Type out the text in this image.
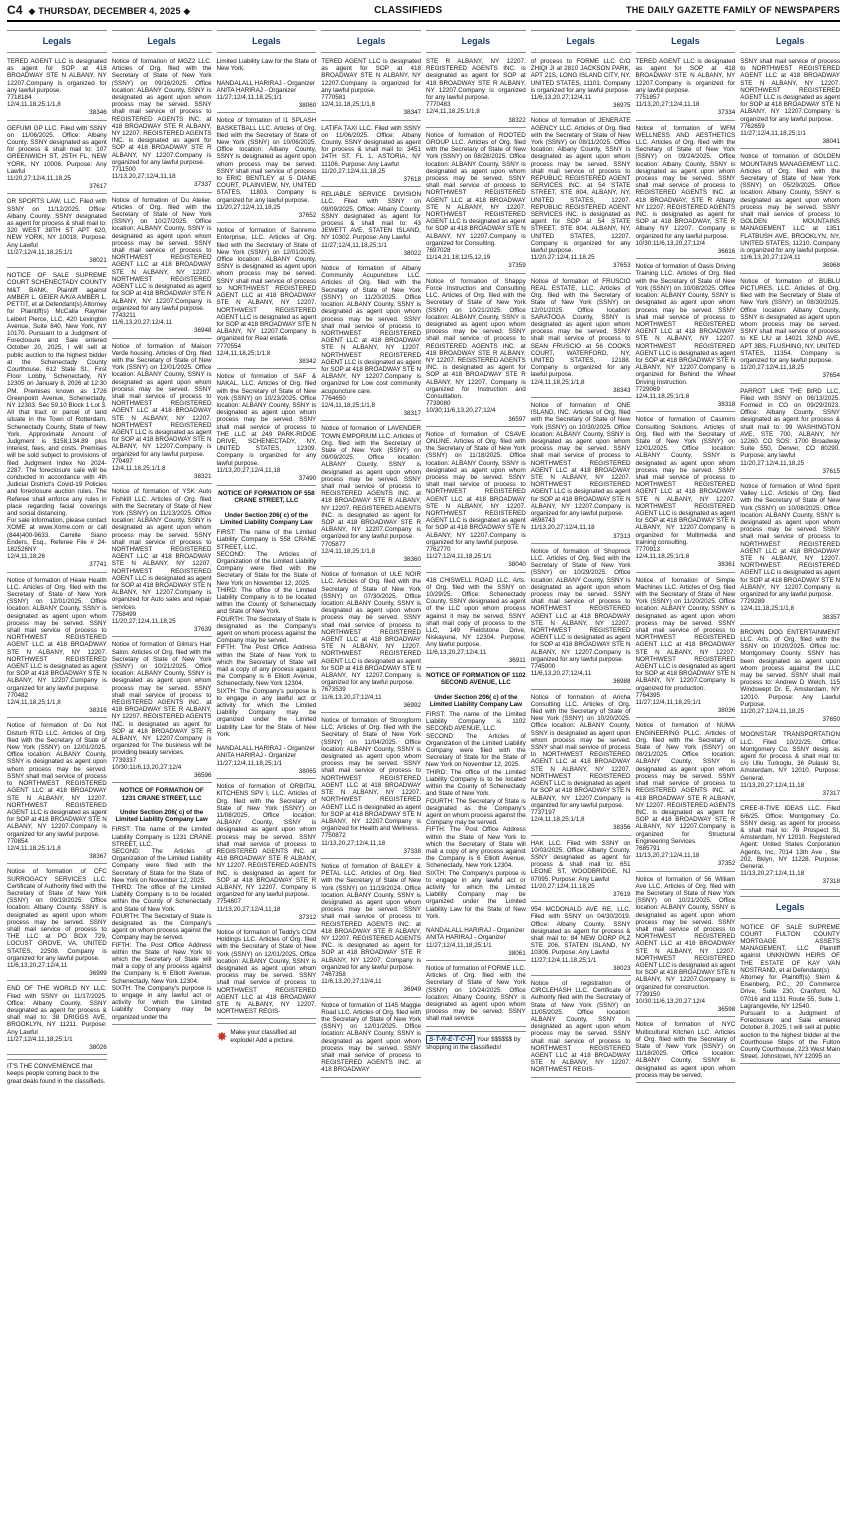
C4 ◆ THURSDAY, DECEMBER 4, 2025 ◆	CLASSIFIEDS	THE DAILY GAZETTE FAMILY OF NEWSPAPERS
Legals
TERED AGENT LLC is designated as agent for SOP at 418 BROADWAY STE N ALBANY, NY 12207.Company is organized for any lawful purpose.
7718184
12/4,11,18,25;1/1,8
38346
GEFUMI GP LLC. Filed with SSNY on 11/06/2025. Office: Albany County. SSNY designated as agent for process & shall mail to: 107 GREENWICH ST, 25TH FL, NEW YORK, NY 10006. Purpose: Any Lawful
11/20,27;12/4,11,18,25
37617
DR SPORTS LAW, LLC. Filed with SSNY on 11/12/2025. Office: Albany County. SSNY designated as agent for process & shall mail to: 320 WEST 38TH ST APT 620, NEW YORK, NY 10018. Purpose: Any Lawful
11/27;12/4,11,18,25;1/1
38021
NOTICE OF SALE SUPREME COURT SCHENECTADY COUNTY M&T BANK, Plaintiff against AMBER L. GEIER A/K/A AMBER L. PETTIT, et al Defendant(s) Attorney for Plaintiff(s) McCalla Raymer Leibert Pierce, LLC, 420 Lexington Avenue, Suite 840, New York, NY 10170. Pursuant to a Judgment of Foreclosure and Sale entered October 20, 2025, I will sell at public auction to the highest bidder at the Schenectady County Courthouse, 612 State St., First Floor Lobby, Schenectady, NY 12305 on January 8, 2026 at 12:30 PM. Premises known as 1726 Greenpoint Avenue, Schenectady, NY 12303. Sec 59.10 Block 1 Lot 3. All that tract or parcel of land situate in the Town of Rotterdam, Schenectady County, State of New York. Approximate Amount of Judgment is $158,134.89 plus interest, fees, and costs. Premises will be sold subject to provisions of filed Judgment Index No 2024-2287. The foreclosure sale will be conducted in accordance with 4th Judicial District's Covid-19 Policies and foreclosure auction rules. The Referee shall enforce any rules in place regarding facial coverings and social distancing.
For sale information, please contact XOME at www.Xome.com or call (844)400-9633. Camille Siano Enders, Esq., Referee File # 24-182526NY
12/4,11,18,26
37741
Notice of formation of Heale Health LLC. Articles of Org. filed with the Secretary of State of New York (SSNY) on 12/01/2025. Office location: ALBANY County, SSNY is designated as agent upon whom process may be served. SSNY shall mail service of process to NORTHWEST REGISTERED AGENT LLC at 418 BROADWAY STE N ALBANY, NY 12207. NORTHWEST REGISTERED AGENT LLC is designated as agent for SOP at 418 BROADWAY STE N ALBANY, NY 12207.Company is organized for any lawful purpose.
770482
12/4,11,18,25;1/1,8
38316
Notice of formation of Do Not Disturb RTD LLC. Articles of Org. filed with the Secretary of State of New York (SSNY) on 12/01/2025. Office location: ALBANY County, SSNY is designated as agent upon whom process may be served. SSNY shall mail service of process to NORTHWEST REGISTERED AGENT LLC at 418 BROADWAY STE N ALBANY, NY 12207. NORTHWEST REGISTERED AGENT LLC is designated as agent for SOP at 418 BROADWAY STE N ALBANY, NY 12207.Company is organized for any lawful purpose.
770854
12/4,11,18,25;1/1,8
38367
Notice of formation of CFC SURROGACY SERVICES LLC. Certificate of Authority filed with the Secretary of State of New York (SSNY) on 09/19/2025. Office location: Albany County. SSNY is designated as agent upon whom process may be served. SSNY shall mail service of process to THE LLC at PO BOX 729, LOCUST GROVE, VA, UNITED STATES, 22508. Company is organized for any lawful purpose.
11/6,13,20,27;12/4,11
36999
END OF THE WORLD NY LLC. Filed with SSNY on 11/17/2025. Office: Albany County. SSNY designated as agent for process & shall mail to: 38 DRIGGS AVE, BROOKLYN, NY 11211. Purpose: Any Lawful
11/27;12/4,11,18,25;1/1
38026
IT'S THE CONVENIENCE that keeps people coming back to the great deals found in the classifieds.
Legals
Notice of formation of MGZ2 LLC. Articles of Org. filed with the Secretary of State of New York (SSNY) on 09/16/2025. Office location: ALBANY County, SSNY is designated as agent upon whom process may be served. SSNY shall mail service of process to REGISTERED AGENTS INC. at 418 BROADWAY STE R ALBANY, NY 12207. REGISTERED AGENTS INC. is designated as agent for SOP at 418 BROADWAY STE R ALBANY, NY 12207.Company is organized for any lawful purpose.
7711500
11/13,20,27;12/4,11,18
37337
Notice of formation of Du Atelier. Articles of Org. filed with the Secretary of State of New York (SSNY) on 10/27/2025. Office location: ALBANY County, SSNY is designated as agent upon whom process may be served. SSNY shall mail service of process to NORTHWEST REGISTERED AGENT LLC at 418 BROADWAY STE N ALBANY, NY 12207. NORTHWEST REGISTERED AGENT LLC is designated as agent for SOP at 418 BROADWAY STE N ALBANY, NY 12207.Company is organized for any lawful purpose.
7743211
11/6,13,20,27;12/4,11
36948
Notice of formation of Maison Verde housing. Articles of Org. filed with the Secretary of State of New York (SSNY) on 12/01/2025. Office location: ALBANY County, SSNY is designated as agent upon whom process may be served. SSNY shall mail service of process to NORTHWEST REGISTERED AGENT LLC at 418 BROADWAY STE N ALBANY, NY 12207. NORTHWEST REGISTERED AGENT LLC is designated as agent for SOP at 418 BROADWAY STE N ALBANY, NY 12207.Company is organized for any lawful purpose.
770497
12/4,11,18,25;1/1,8
38321
Notice of formation of YSK Auto Fishkill LLC. Articles of Org. filed with the Secretary of State of New York (SSNY) on 11/13/2025. Office location: ALBANY County, SSNY is designated as agent upon whom process may be served. SSNY shall mail service of process to NORTHWEST REGISTERED AGENT LLC at 418 BROADWAY STE N ALBANY, NY 12207. NORTHWEST REGISTERED AGENT LLC is designated as agent for SOP at 418 BROADWAY STE N ALBANY, NY 12207.Company is organized for Auto sales and repair services.
7758499
11/20,27;12/4,11,18,25
37639
Notice of formation of Gilma's Hair Salon. Articles of Org. filed with the Secretary of State of New York (SSNY) on 10/21/2025. Office location: ALBANY County, SSNY is designated as agent upon whom process may be served. SSNY shall mail service of process to REGISTERED AGENTS INC. at 418 BROADWAY STE R ALBANY, NY 12207. REGISTERED AGENTS INC. is designated as agent for SOP at 418 BROADWAY STE R ALBANY, NY 12207.Company is organized for The business will be providing beauty services.
7739337
10/30;11/6,13,20,27;12/4
36596
NOTICE OF FORMATION OF 1231 CRANE STREET, LLC

Under Section 206( c) of the Limited Liability Company Law
FIRST: The name of the Limited Liability Company is 1231 CRANE STREET, LLC.
SECOND: The Articles of Organization of the Limited Liability Company were filed with the Secretary of State for the State of New York on November 12, 2025.
THIRD: The office of the Limited Liability Company is to be located within the County of Schenectady and State of New York.
FOURTH: The Secretary of State is designated as the Company's agent on whom process against the Company may be served.
FIFTH: The Post Office Address within the State of New York to which the Secretary of State will mail a copy of any process against the Company is 6 Elliott Avenue, Schenectady, New York 12304.
SIXTH: The Company's purpose is to engage in any lawful act or activity for which the Limited Liability Company may be organized under the
Legals
Limited Liability Law for the State of New York.

NANDALALL HARIRAJ - Organizer
ANITA HARIRAJ - Organizer
11/27;12/4,11,18,25;1/1
38060
Notice of formation of I1 SPLASH BASKETBALL LLC. Articles of Org. filed with the Secretary of State of New York (SSNY) on 10/06/2025. Office location: Albany County, SSNY is designated as agent upon whom process may be served. SSNY shall mail service of process to ERIC BENTLEY at 5 DIANE COURT, PLAINVIEW, NY, UNITED STATES, 11803. Company is organized for any lawful purpose.
11/20,27;12/4,11,18,25
37652
Notice of formation of Sanremo Enterprise, LLC. Articles of Org. filed with the Secretary of State of New York (SSNY) on 12/01/2025. Office location: ALBANY County, SSNY is designated as agent upon whom process may be served. SSNY shall mail service of process to NORTHWEST REGISTERED AGENT LLC at 418 BROADWAY STE N ALBANY, NY 12207. NORTHWEST REGISTERED AGENT LLC is designated as agent for SOP at 418 BROADWAY STE N ALBANY, NY 12207.Company is organized for Real estate.
7770554
12/4,11,18,25;1/1,8
38342
Notice of formation of SAF & NAKAL, LLC. Articles of Org. filed with the Secretary of State of New York (SSNY) on 10/23/2025. Office location: ALBANY County, SSNY is designated as agent upon whom process may be served. SSNY shall mail service of process to THE LLC at 249 PARK-RIDGE DRIVE, SCHENECTADY, NY, UNITED STATES, 12309. Company is organized for any lawful purpose.
11/13,20,27;12/4,11,18
37490
NOTICE OF FORMATION OF 558 CRANE STREET, LLC

Under Section 206( c) of the Limited Liability Company Law
FIRST: The name of the Limited Liability Company is 558 CRANE STREET, LLC.
SECOND: The Articles of Organization of the Limited Liability Company were filed with the Secretary of State for the State of New York on November 12, 2025.
THIRD: The office of the Limited Liability Company is to be located within the County of Schenectady and State of New York.
FOURTH: The Secretary of State is designated as the Company's agent on whom process against the Company may be served.
FIFTH: The Post Office Address within the State of New York to which the Secretary of State will mail a copy of any process against the Company is 6 Elliott Avenue, Schenectady, New York 12304.
SIXTH: The Company's purpose is to engage in any lawful act or activity for which the Limited Liability Company may be organized under the Limited Liability Law for the State of New York.

NANDALALL HARIRAJ - Organizer
ANITA HARIRAJ - Organizer
11/27;12/4,11,18,25;1/1
38065
Notice of formation of ORBITAL KITCHENS SPV I, LLC. Articles of Org. filed with the Secretary of State of New York (SSNY) on 11/08/2025. Office location: ALBANY County, SSNY is designated as agent upon whom process may be served. SSNY shall mail service of process to REGISTERED AGENTS INC. at 418 BROADWAY STE R ALBANY, NY 12207. REGISTERED AGENTS INC. is designated as agent for SOP at 418 BROADWAY STE R ALBANY, NY 12207. Company is organized for any lawful purpose.
7754607
11/13,20,27;12/4,11,18
37312
Notice of formation of Teddy's CCM Holdings LLC. Articles of Org. filed with the Secretary of State of New York (SSNY) on 12/01/2025. Office location: ALBANY County, SSNY is designated as agent upon whom process may be served. SSNY shall mail service of process to NORTHWEST REGISTERED AGENT LLC at 418 BROADWAY STE N ALBANY, NY 12207. NORTHWEST REGIS-
✸ Make your classified ad explode! Add a picture.
Legals
TERED AGENT LLC is designated as agent for SOP at 418 BROADWAY STE N ALBANY, NY 12207.Company is organized for any lawful purpose.
7770581
12/4,11,18,25;1/1,8
38347
LATIFA TAXI LLC. Filed with SSNY on 11/06/2025. Office: Albany County. SSNY designated as agent for process & shall mail to: 3451 24TH ST, FL 1, ASTORIA, NY 11106. Purpose: Any Lawful
11/20,27;12/4,11,18,25
37618
RELIABLE SERVICE DIVISION LLC. Filed with SSNY on 09/09/2025. Office: Albany County. SSNY designated as agent for process & shall mail to: 43 JEWETT AVE, STATEN ISLAND, NY 10302. Purpose: Any Lawful
11/27;12/4,11,18,25;1/1
38022
Notice of formation of Albany Community Acupuncture LLC. Articles of Org. filed with the Secretary of State of New York (SSNY) on 11/20/2025. Office location: ALBANY County, SSNY is designated as agent upon whom process may be served. SSNY shall mail service of process to NORTHWEST REGISTERED AGENT LLC at 418 BROADWAY STE N ALBANY, NY 12207. NORTHWEST REGISTERED AGENT LLC is designated as agent for SOP at 418 BROADWAY STE N ALBANY, NY 12207.Company is organized for Low cost community acupuncture care.
7764650
12/4,11,18,25;1/1,8
38317
Notice of formation of LAVENDER TOWN EMPORIUM LLC. Articles of Org. filed with the Secretary of State of New York (SSNY) on 09/09/2025. Office location: ALBANY County, SSNY is designated as agent upon whom process may be served. SSNY shall mail service of process to REGISTERED AGENTS INC. at 418 BROADWAY STE R ALBANY, NY 12207. REGISTERED AGENTS INC. is designated as agent for SOP at 418 BROADWAY STE R ALBANY, NY 12207.Company is organized for any lawful purpose.
7705877
12/4,11,18,25;1/1,8
38360
Notice of formation of ULE NOIR LLC. Articles of Org. filed with the Secretary of State of New York (SSNY) on 07/30/2025. Office location: ALBANY County, SSNY is designated as agent upon whom process may be served. SSNY shall mail service of process to NORTHWEST REGISTERED AGENT LLC at 418 BROADWAY STE N ALBANY, NY 12207. NORTHWEST REGISTERED AGENT LLC is designated as agent for SOP at 418 BROADWAY STE N ALBANY, NY 12207.Company is organized for any lawful purpose.
7673539
11/6,13,20,27;12/4,11
36992
Notice of formation of Strongform LLC. Articles of Org. filed with the Secretary of State of New York (SSNY) on 11/04/2025. Office location: ALBANY County, SSNY is designated as agent upon whom process may be served. SSNY shall mail service of process to NORTHWEST REGISTERED AGENT LLC at 418 BROADWAY STE N ALBANY, NY 12207. NORTHWEST REGISTERED AGENT LLC is designated as agent for SOP at 418 BROADWAY STE N ALBANY, NY 12207.Company is organized for Health and Wellness.
7750872
11/13,20,27;12/4,11,18
37338
Notice of formation of BAILEY & PETAL LLC. Articles of Org. filed with the Secretary of State of New York (SSNY) on 11/19/2024. Office location: ALBANY County, SSNY is designated as agent upon whom process may be served. SSNY shall mail service of process to REGISTERED AGENTS INC. at 418 BROADWAY STE R ALBANY, NY 12207. REGISTERED AGENTS INC. is designated as agent for SOP at 418 BROADWAY STE R ALBANY, NY 12207. Company is organized for any lawful purpose.
7467358
11/6,13,20,27;12/4,11
36949
Notice of formation of 1145 Maggie Road LLC. Articles of Org. filed with the Secretary of State of New York (SSNY) on 12/01/2025. Office location: ALBANY County, SSNY is designated as agent upon whom process may be served. SSNY shall mail service of process to REGISTERED AGENTS INC. at 418 BROADWAY
Legals
STE R ALBANY, NY 12207. REGISTERED AGENTS INC. is designated as agent for SOP at 418 BROADWAY STE R ALBANY, NY 12207.Company is organized for any lawful purpose.
7770483
12/4,11,18,25;1/1,8
38322
Notice of formation of ROOTED GROUP LLC. Articles of Org. filed with the Secretary of State of New York (SSNY) on 08/28/2025. Office location: ALBANY County, SSNY is designated as agent upon whom process may be served. SSNY shall mail service of process to NORTHWEST REGISTERED AGENT LLC at 418 BROADWAY STE N ALBANY, NY 12207. NORTHWEST REGISTERED AGENT LLC is designated as agent for SOP at 418 BROADWAY STE N ALBANY, NY 12207.Company is organized for Consulting.
7697028
11/14,21,18;12/5,12,19
37359
Notice of formation of Shappy Force Instruction and Consulting LLC. Articles of Org. filed with the Secretary of State of New York (SSNY) on 10/21/2025. Office location: ALBANY County, SSNY is designated as agent upon whom process may be served. SSNY shall mail service of process to REGISTERED AGENTS INC. at 418 BROADWAY STE R ALBANY, NY 12207. REGISTERED AGENTS INC. is designated as agent for SOP at 418 BROADWAY STE R ALBANY, NY 12207. Company is organized for Instruction and Consultation.
7739080
10/30;11/6,13,20,27;12/4
36597
Notice of formation of CSAVE ONLINE. Articles of Org. filed with the Secretary of State of New York (SSNY) on 11/18/2025. Office location: ALBANY County, SSNY is designated as agent upon whom process may be served. SSNY shall mail service of process to NORTHWEST REGISTERED AGENT LLC at 418 BROADWAY STE N ALBANY, NY 12207. NORTHWEST REGISTERED AGENT LLC is designated as agent for SOP at 418 BROADWAY STE N ALBANY, NY 12207.Company is organized for any lawful purpose.
7762770
11/27;12/4,11,18,25;1/1
38040
416 CHISWELL ROAD LLC. Arts. of Org. filed with the SSNY on 10/29/25. Office: Schenectady County. SSNY designated as agent of the LLC upon whom process against it may be served. SSNY shall mail copy of process to the LLC, 149 Fieldstone Drive, Niskayuna, NY 12304. Purpose: Any lawful purpose.
11/6,13,20,27;12/4,11
36911
NOTICE OF FORMATION OF 1102 SECOND AVENUE, LLC

Under Section 206( c) of the Limited Liability Company Law
FIRST: The name of the Limited Liability Company is 1102 SECOND AVENUE, LLC.
SECOND: The Articles of Organization of the Limited Liability Company were filed with the Secretary of State for the State of New York on November 12, 2025.
THIRD: The office of the Limited Liability Company is to be located within the County of Schenectady and State of New York.
FOURTH: The Secretary of State is designated as the Company's agent on whom process against the Company may be served.
FIFTH: The Post Office Address within the State of New York to which the Secretary of State will mail a copy of any process against the Company is 6 Elliott Avenue, Schenectady, New York 12304.
SIXTH: The Company's purpose is to engage in any lawful act or activity for which the Limited Liability Company may be organized under the Limited Liability Law for the State of New York.

NANDALALL HARIRAJ - Organizer
ANITA HARIRAJ - Organizer
11/27;12/4,11,18,25;1/1
38061
Notice of formation of FORME LLC. Articles of Org. filed with the Secretary of State of New York (SSNY) on 10/24/2025. Office location: Albany County, SSNY is designated as agent upon whom process may be served. SSNY shall mail service
S-T-R-E-T-C-H Your $$$$$$ by shopping in the classifieds!
Legals
of process to FORME LLC C/O ZHIQI JI at 2810 JACKSON PARK, APT 21S, LONG ISLAND CITY, NY, UNITED STATES, 11101. Company is organized for any lawful purpose.
11/6,13,20,27;12/4,11
36975
Notice of formation of JENERATE AGENCY LLC. Articles of Org. filed with the Secretary of State of New York (SSNY) on 08/11/2025. Office location: Albany County, SSNY is designated as agent upon whom process may be served. SSNY shall mail service of process to REPUBLIC REGISTERED AGENT SERVICES INC. at 54 STATE STREET, STE 804, ALBANY, NY, UNITED STATES, 12207. REPUBLIC REGISTERED AGENT SERVICES INC. is designated as agent for SOP at 54 STATE STREET, STE 804, ALBANY, NY, UNITED STATES, 12207. Company is organized for any lawful purpose.
11/20,27;12/4,11,18,25
37653
Notice of formation of FRUSCIO REAL ESTATE, LLC. Articles of Org. filed with the Secretary of State of New York (SSNY) on 12/01/2025. Office location: SARATOGA County, SSNY is designated as agent upon whom process may be served. SSNY shall mail service of process to SEAN FRUSCIO at 56 COOKS COURT, WATERFORD, NY, UNITED STATES, 12188. Company is organized for any lawful purpose.
12/4,11,18,25;1/1,8
38343
Notice of formation of ONE ISLAND, INC. Articles of Org. filed with the Secretary of State of New York (SSNY) on 10/30/2025. Office location: ALBANY County, SSNY is designated as agent upon whom process may be served. SSNY shall mail service of process to NORTHWEST REGISTERED AGENT LLC at 418 BROADWAY STE N ALBANY, NY 12207. NORTHWEST REGISTERED AGENT LLC is designated as agent for SOP at 418 BROADWAY STE N ALBANY, NY 12207.Company is organized for any lawful purpose.
4698743
11/13,20,27;12/4,11,18
37313
Notice of formation of Shoprock LLC. Articles of Org. filed with the Secretary of State of New York (SSNY) on 10/29/2025. Office location: ALBANY County, SSNY is designated as agent upon whom process may be served. SSNY shall mail service of process to NORTHWEST REGISTERED AGENT LLC at 418 BROADWAY STE N ALBANY, NY 12207. NORTHWEST REGISTERED AGENT LLC is designated as agent for SOP at 418 BROADWAY STE N ALBANY, NY 12207.Company is organized for any lawful purpose.
7745000
11/6,13,20,27;12/4,11
36988
Notice of formation of Aricha Consulting LLC. Articles of Org. filed with the Secretary of State of New York (SSNY) on 10/20/2025. Office location: ALBANY County, SSNY is designated as agent upon whom process may be served. SSNY shall mail service of process to NORTHWEST REGISTERED AGENT LLC at 418 BROADWAY STE N ALBANY, NY 12207. NORTHWEST REGISTERED AGENT LLC is designated as agent for SOP at 418 BROADWAY STE N ALBANY, NY 12207.Company is organized for any lawful purpose.
7737197
12/4,11,18,25;1/1,8
38356
HAK LLC. Filed with SSNY on 10/03/2025. Office: Albany County. SSNY designated as agent for process & shall mail to: 651 LEONE ST, WOODBRIDGE, NJ 07095. Purpose: Any Lawful
11/20,27;12/4,11,18,25
37619
954 MCDONALD AVE RE, LLC. Filed with SSNY on 04/30/2019. Office: Albany County. SSNY designated as agent for process & shall mail to: 84 NEW DORP PLZ STE 206, STATEN ISLAND, NY 10306. Purpose: Any Lawful
11/27;12/4,11,18,25;1/1
38023
Notice of registration of CIRCLEHASH LLC. Certificate of Authority filed with the Secretary of State of New York (SSNY) on 11/05/2025. Office location: ALBANY County, SSNY is designated as agent upon whom process may be served. SSNY shall mail service of process to NORTHWEST REGISTERED AGENT LLC at 418 BROADWAY STE N ALBANY, NY 12207. NORTHWEST REGIS-
Legals
TERED AGENT LLC is designated as agent for SOP at 418 BROADWAY STE N ALBANY, NY 12207.Company is organized for any lawful purpose.
7751857
11/13,20,27;12/4,11,18
37334
Notice of formation of WFM WELLNESS AND AESTHETICS LLC. Articles of Org. filed with the Secretary of State of New York (SSNY) on 09/24/2025. Office location: Albany County, SSNY is designated as agent upon whom process may be served. SSNY shall mail service of process to REGISTERED AGENTS INC. at 418 BROADWAY, STE R Albany NY 12207. REGISTERED AGENTS INC. is designated as agent for SOP at 418 BROADWAY, STE R Albany NY 12207. Company is organized for any lawful purpose.
10/30;11/6,13,20,27;12/4
36616
Notice of formation of Oasis Driving Training LLC. Articles of Org. filed with the Secretary of State of New York (SSNY) on 10/08/2025. Office location: ALBANY County, SSNY is designated as agent upon whom process may be served. SSNY shall mail service of process to NORTHWEST REGISTERED AGENT LLC at 418 BROADWAY STE N ALBANY, NY 12207. NORTHWEST REGISTERED AGENT LLC is designated as agent for SOP at 418 BROADWAY STE N ALBANY, NY 12207.Company is organized for Behind the Wheel Driving Instruction.
7729069
12/4,11,18,25;1/1,8
38318
Notice of formation of Casimiro Consulting Solutions. Articles of Org. filed with the Secretary of State of New York (SSNY) on 12/01/2025. Office location: ALBANY County, SSNY is designated as agent upon whom process may be served. SSNY shall mail service of process to NORTHWEST REGISTERED AGENT LLC at 418 BROADWAY STE N ALBANY, NY 12207. NORTHWEST REGISTERED AGENT LLC is designated as agent for SOP at 418 BROADWAY STE N ALBANY, NY 12207.Company is organized for Multimedia and training consulting.
7770913
12/4,11,18,25;1/1,8
38361
Notice of formation of Simple Machines LLC. Articles of Org. filed with the Secretary of State of New York (SSNY) on 11/20/2025. Office location: ALBANY County, SSNY is designated as agent upon whom process may be served. SSNY shall mail service of process to NORTHWEST REGISTERED AGENT LLC at 418 BROADWAY STE N ALBANY, NY 12207. NORTHWEST REGISTERED AGENT LLC is designated as agent for SOP at 418 BROADWAY STE N ALBANY, NY 12207.Company is organized for production.
7764395
11/27;12/4,11,18,25;1/1
38036
Notice of formation of NUMA ENGINEERING PLLC. Articles of Org. filed with the Secretary of State of New York (SSNY) on 08/21/2025. Office location: ALBANY County, SSNY is designated as agent upon whom process may be served. SSNY shall mail service of process to REGISTERED AGENTS INC. at 418 BROADWAY STE R ALBANY, NY 12207. REGISTERED AGENTS INC. is designated as agent for SOP at 418 BROADWAY STE R ALBANY, NY 12207.Company is organized for Structural Engineering Services.
7685791
11/13,20,27;12/4,11,18
37352
Notice of formation of 56 William Ave LLC. Articles of Org. filed with the Secretary of State of New York (SSNY) on 10/21/2025. Office location: ALBANY County, SSNY is designated as agent upon whom process may be served. SSNY shall mail service of process to NORTHWEST REGISTERED AGENT LLC at 418 BROADWAY STE N ALBANY, NY 12207. NORTHWEST REGISTERED AGENT LLC is designated as agent for SOP at 418 BROADWAY STE N ALBANY, NY 12207.Company is organized for construction.
7739150
10/30;11/6,13,20,27;12/4
36598
Notice of formation of NYC Multicultural Kitchen LLC. Articles of Org. filed with the Secretary of State of New York (SSNY) on 11/18/2025. Office location: ALBANY County, SSNY is designated as agent upon whom process may be served.
Legals
SSNY shall mail service of process to NORTHWEST REGISTERED AGENT LLC at 418 BROADWAY STE N ALBANY, NY 12207. NORTHWEST REGISTERED AGENT LLC is designated as agent for SOP at 418 BROADWAY STE N ALBANY, NY 12207.Company is organized for any lawful purpose.
7762659
11/27;12/4,11,18,25;1/1
38041
Notice of formation of GOLDEN MOUNTAINS MANAGEMENT LLC. Articles of Org. filed with the Secretary of State of New York (SSNY) on 05/29/2025. Office location: Albany County, SSNY is designated as agent upon whom process may be served. SSNY shall mail service of process to GOLDEN MOUNTAINS MANAGEMENT LLC at 1351 FLATBUSH AVE, BROOKLYN, NY, UNITED STATES, 11210. Company is organized for any lawful purpose.
11/6,13,20,27;12/4,11
36968
Notice of formation of BUBLU PICTURES, LLC. Articles of Org. filed with the Secretary of State of New York (SSNY) on 08/30/2025. Office location: Albany County, SSNY is designated as agent upon whom process may be served. SSNY shall mail service of process to KE LIU at 14021 32ND AVE, APT 3BS, FLUSHING, NY, UNITED STATES, 11354. Company is organized for any lawful purpose.
11/20,27;12/4,11,18,25
37654
PARROT LIKE THE BIRD LLC. Filed with SSNY on 06/13/2025. Formed in CO on 09/29/2023. Office: Albany County. SSNY designated as agent for process & shall mail to: 99 WASHINGTON AVE, STE 700, ALBANY, NY 12260. CO SOS: 1700 Broadway Suite 550, Denver, CO 80290. Purpose: any lawful
11/20,27;12/4,11,18,25
37615
Notice of formation of Wind Spirit Valley LLC. Articles of Org. filed with the Secretary of State of New York (SSNY) on 10/08/2025. Office location: ALBANY County, SSNY is designated as agent upon whom process may be served. SSNY shall mail service of process to NORTHWEST REGISTERED AGENT LLC at 418 BROADWAY STE N ALBANY, NY 12207. NORTHWEST REGISTERED AGENT LLC is designated as agent for SOP at 418 BROADWAY STE N ALBANY, NY 12207.Company is organized for any lawful purpose.
7729289
12/4,11,18,25;1/1,8
38357
BROWN DOG ENTERTAINMENT LLC. Arts. of Org. filed with the SSNY on 10/20/2025. Office loc: Montgomery County. SSNY has been designated as agent upon whom process against the LLC may be served. SSNY shall mail process to: Andrew D Welch, 115 Windswept Dr. E, Amsterdam, NY 12010. Purpose: Any Lawful Purpose.
11/20,27;12/4,11,18,25
37650
MOONSTAR TRANSPORTATION LLC. Filed 10/22/25. Office: Montgomery Co. SSNY desig. as agent for process & shall mail to: c/o Uliu Turkoglu, 36 Pulaski St, Amsterdam, NY 12010. Purpose: General.
11/13,20,27;12/4,11,18
37317
CREE-8-TIVE IDEAS LLC. Filed 6/6/25. Office: Montgomery Co. SSNY desig. as agent for process & shall mail to: 78 Prospect St, Amsterdam, NY 12010. Registered Agent: United States Corporation Agents, Inc, 7014 13th Ave , Ste 202, Bklyn, NY 11228. Purpose: General.
11/13,20,27;12/4,11,18
37318
Legals
NOTICE OF SALE SUPREME COURT FULTON COUNTY MORTGAGE ASSETS MANAGEMENT, LLC Plaintiff against UNKNOWN HEIRS OF THE ESTATE OF KAY VAN NOSTRAND, et al Defendant(s)
Attorney for Plaintiff(s) Stern & Eisenberg, P.C., 20 Commerce Drive, Suite 230, Cranford, NJ 07016 and 1131 Route 55, Suite 1, Lagrangeville, NY 12540.
Pursuant to a Judgment of Foreclosure and Sale entered October 8, 2025, I will sell at public auction to the highest bidder at the Courthouse Steps of the Fulton County Courthouse, 223 West Main Street, Johnstown, NY 12095 on
